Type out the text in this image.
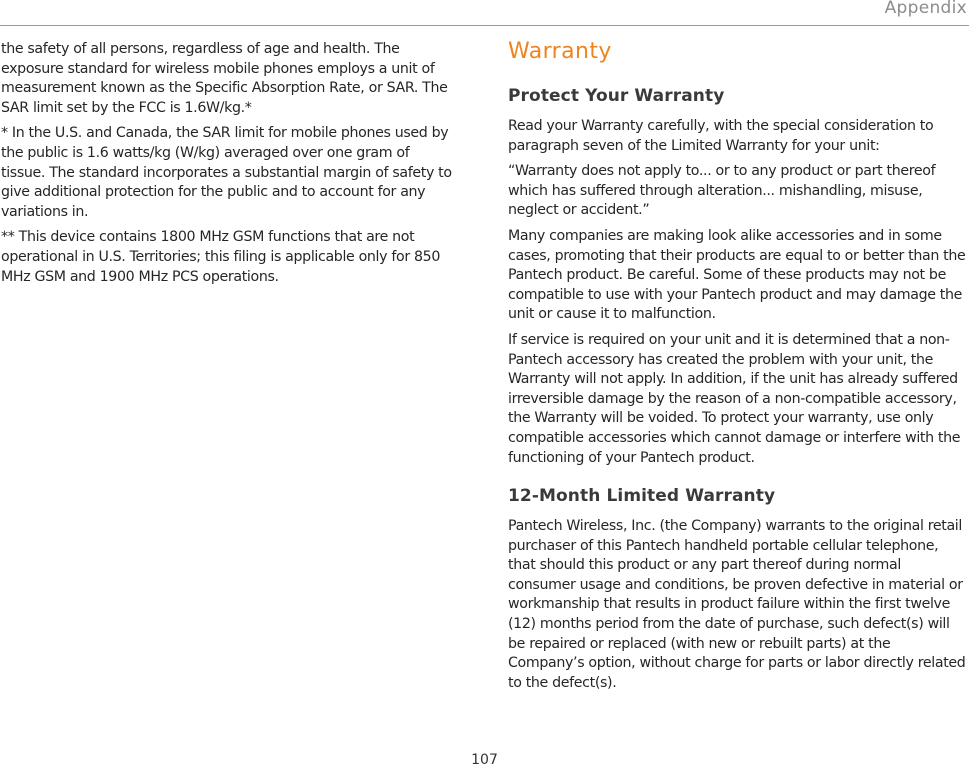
Appendix

the safety of all persons, regardless of age and health. The exposure standard for wireless mobile phones employs a unit of measurement known as the Specific Absorption Rate, or SAR. The SAR limit set by the FCC is 1.6W/kg.*

* In the U.S. and Canada, the SAR limit for mobile phones used by the public is 1.6 watts/kg (W/kg) averaged over one gram of tissue. The standard incorporates a substantial margin of safety to give additional protection for the public and to account for any variations in.

** This device contains 1800 MHz GSM functions that are not operational in U.S. Territories; this filing is applicable only for 850 MHz GSM and 1900 MHz PCS operations.

Warranty
Protect Your Warranty

Read your Warranty carefully, with the special consideration to paragraph seven of the Limited Warranty for your unit:

“Warranty does not apply to... or to any product or part thereof which has suffered through alteration... mishandling, misuse, neglect or accident.”

Many companies are making look alike accessories and in some cases, promoting that their products are equal to or better than the Pantech product. Be careful. Some of these products may not be compatible to use with your Pantech product and may damage the unit or cause it to malfunction.

If service is required on your unit and it is determined that a non-Pantech accessory has created the problem with your unit, the Warranty will not apply. In addition, if the unit has already suffered irreversible damage by the reason of a non-compatible accessory, the Warranty will be voided. To protect your warranty, use only compatible accessories which cannot damage or interfere with the functioning of your Pantech product.

12-Month Limited Warranty

Pantech Wireless, Inc. (the Company) warrants to the original retail purchaser of this Pantech handheld portable cellular telephone, that should this product or any part thereof during normal consumer usage and conditions, be proven defective in material or workmanship that results in product failure within the first twelve (12) months period from the date of purchase, such defect(s) will be repaired or replaced (with new or rebuilt parts) at the Company’s option, without charge for parts or labor directly related to the defect(s).

107
